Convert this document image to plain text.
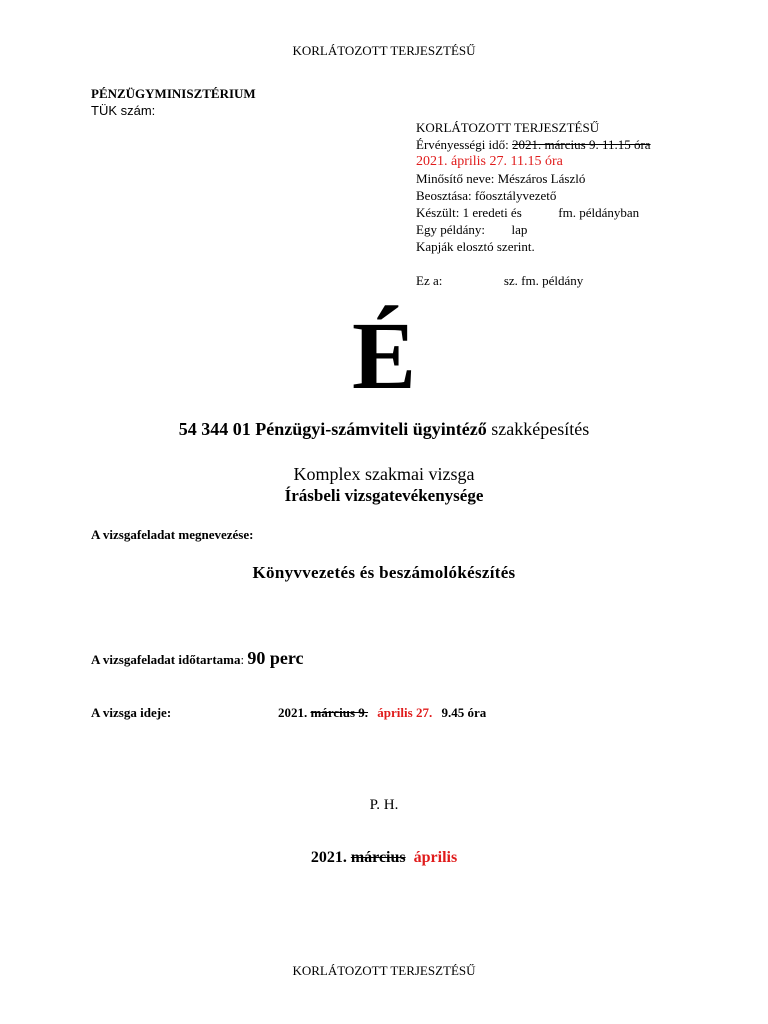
KORLÁTOZOTT TERJESZTÉSŰ
PÉNZÜGYMINISZTÉRIUM
TÜK szám:
KORLÁTOZOTT TERJESZTÉSŰ
Érvényességi idő: 2021. március 9. 11.15 óra
2021. április 27. 11.15 óra
Minősítő neve: Mészáros László
Beosztása: főosztályvezető
Készült: 1 eredeti és	fm. példányban
Egy példány: lap
Kapják elosztó szerint.
Ez a:	sz. fm. példány
É
54 344 01 Pénzügyi-számviteli ügyintéző szakképesítés
Komplex szakmai vizsga
Írásbeli vizsgatevékenysége
A vizsgafeladat megnevezése:
Könyvvezetés és beszámolókészítés
A vizsgafeladat időtartama: 90 perc
A vizsga ideje:	2021. március 9. április 27. 9.45 óra
P. H.
2021. március április
KORLÁTOZOTT TERJESZTÉSŰ
